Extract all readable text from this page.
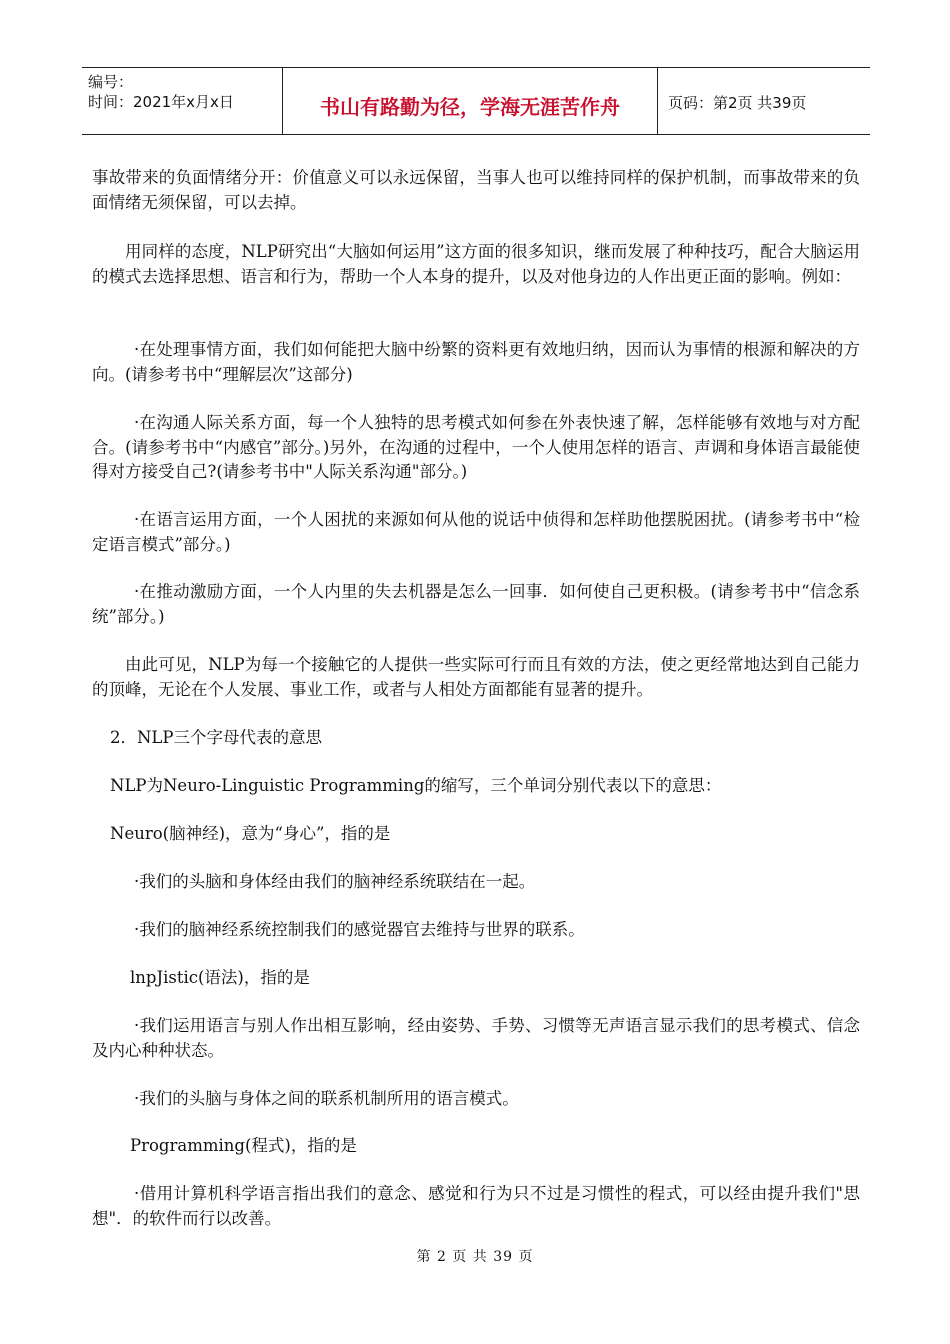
编号：
时间：2021年x月x日	书山有路勤为径，学海无涯苦作舟	页码：第2页 共39页

事故带来的负面情绪分开：价值意义可以永远保留，当事人也可以维持同样的保护机制，而事故带来的负面情绪无须保留，可以去掉。

用同样的态度，NLP研究出“大脑如何运用”这方面的很多知识，继而发展了种种技巧，配合大脑运用的模式去选择思想、语言和行为，帮助一个人本身的提升，以及对他身边的人作出更正面的影响。例如：

·在处理事情方面，我们如何能把大脑中纷繁的资料更有效地归纳，因而认为事情的根源和解决的方向。(请参考书中“理解层次”这部分)

·在沟通人际关系方面，每一个人独特的思考模式如何参在外表快速了解，怎样能够有效地与对方配合。(请参考书中“内感官”部分。)另外，在沟通的过程中，一个人使用怎样的语言、声调和身体语言最能使得对方接受自己?(请参考书中"人际关系沟通"部分。)

·在语言运用方面，一个人困扰的来源如何从他的说话中侦得和怎样助他摆脱困扰。(请参考书中“检定语言模式”部分。)

·在推动激励方面，一个人内里的失去机器是怎么一回事．如何使自己更积极。(请参考书中“信念系统”部分。)

由此可见，NLP为每一个接触它的人提供一些实际可行而且有效的方法，使之更经常地达到自己能力的顶峰，无论在个人发展、事业工作，或者与人相处方面都能有显著的提升。

2．NLP三个字母代表的意思

NLP为Neuro-Linguistic Programming的缩写，三个单词分别代表以下的意思：

Neuro(脑神经)，意为“身心”，指的是

·我们的头脑和身体经由我们的脑神经系统联结在一起。

·我们的脑神经系统控制我们的感觉器官去维持与世界的联系。

lnpJistic(语法)，指的是

·我们运用语言与别人作出相互影响，经由姿势、手势、习惯等无声语言显示我们的思考模式、信念及内心种种状态。

·我们的头脑与身体之间的联系机制所用的语言模式。

Programming(程式)，指的是

·借用计算机科学语言指出我们的意念、感觉和行为只不过是习惯性的程式，可以经由提升我们"思想"．的软件而行以改善。

第 2 页 共 39 页
